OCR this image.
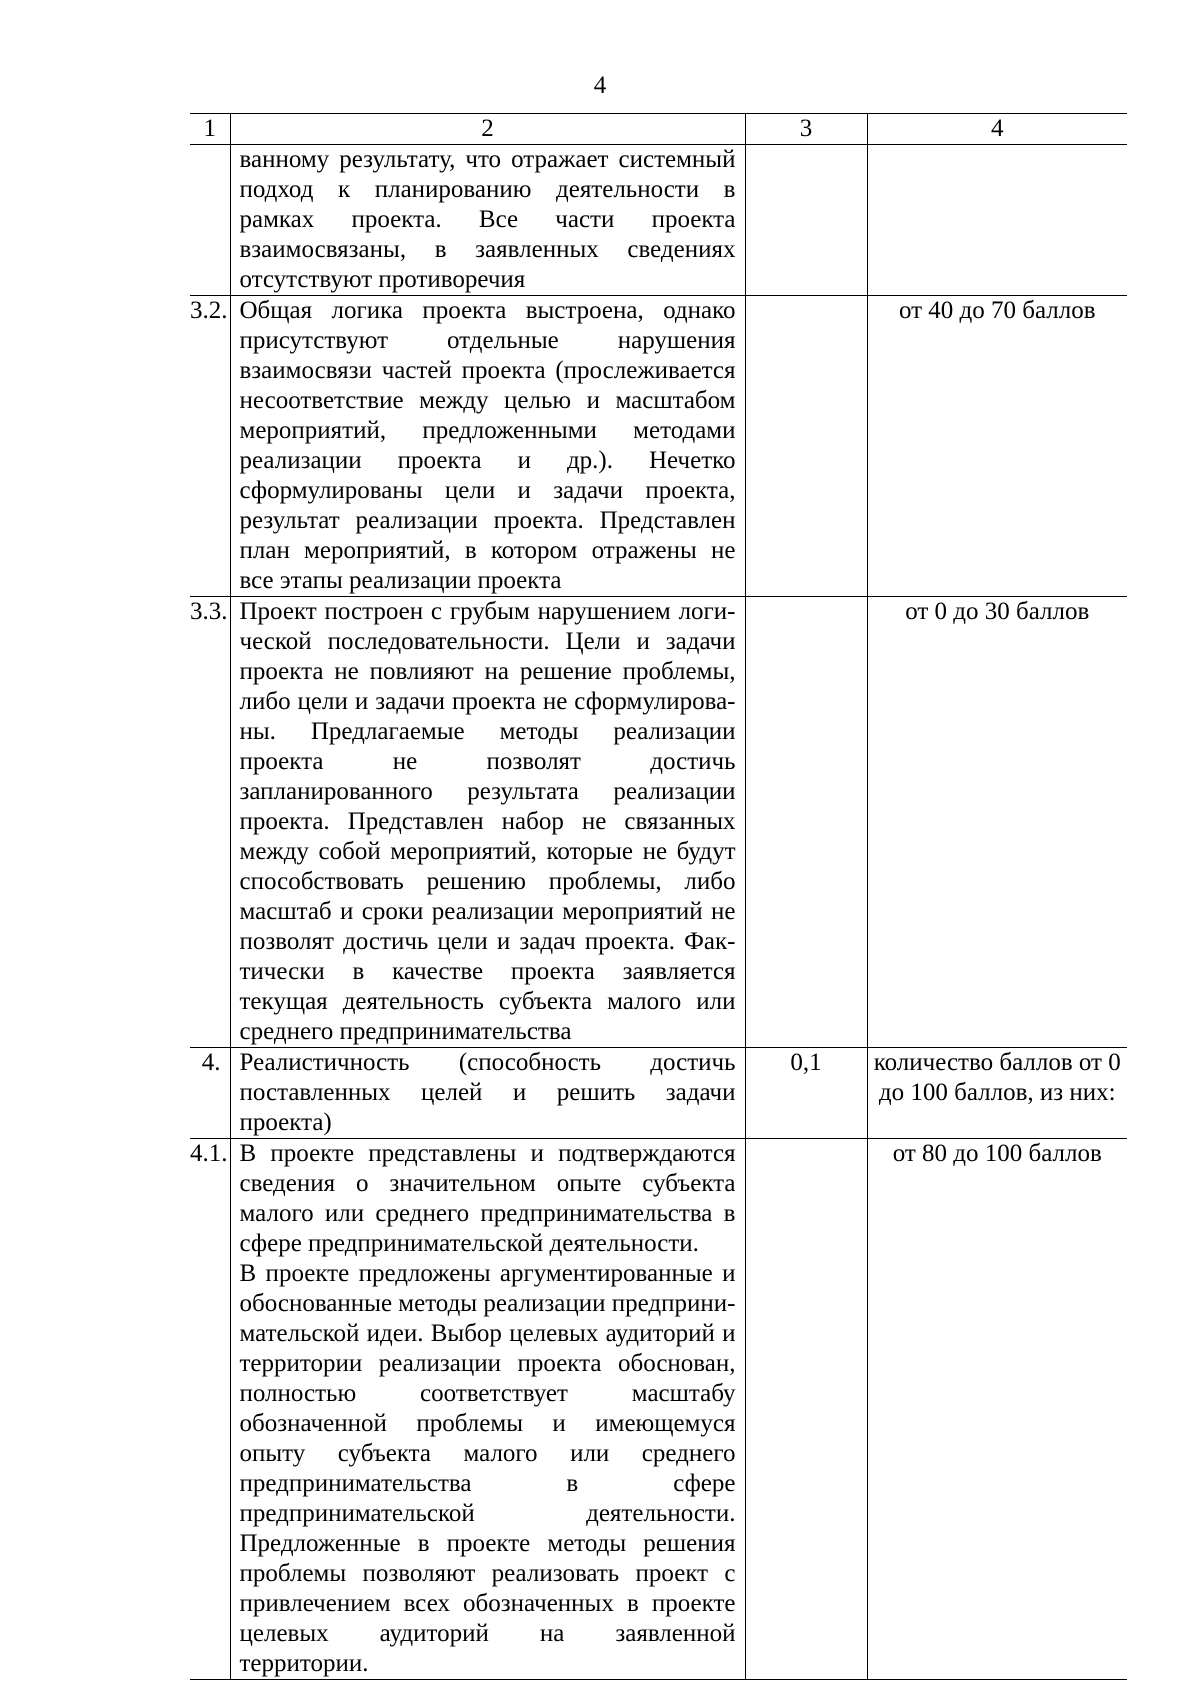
4
1	2	3	4
	ванному результату, что отражает системный подход к планированию деятельности в рамках проекта. Все части проекта взаимосвязаны, в заявленных сведениях отсутствуют противоречия		
3.2.	Общая логика проекта выстроена, однако присутствуют отдельные нарушения взаимосвязи частей проекта (прослеживается несоответствие между целью и масштабом мероприятий, предложенными методами реализации проекта и др.). Нечетко сформулированы цели и задачи проекта, результат реализации проекта. Представлен план мероприятий, в котором отражены не все этапы реализации проекта		от 40 до 70 баллов
3.3.	Проект построен с грубым нарушением логической последовательности. Цели и задачи проекта не повлияют на решение проблемы, либо цели и задачи проекта не сформулированы. Предлагаемые методы реализации проекта не позволят достичь запланированного результата реализации проекта. Представлен набор не связанных между собой мероприятий, которые не будут способствовать решению проблемы, либо масштаб и сроки реализации мероприятий не позволят достичь цели и задач проекта. Фактически в качестве проекта заявляется текущая деятельность субъекта малого или среднего предпринимательства		от 0 до 30 баллов
4.	Реалистичность (способность достичь поставленных целей и решить задачи проекта)	0,1	количество баллов от 0 до 100 баллов, из них:
4.1.	В проекте представлены и подтверждаются сведения о значительном опыте субъекта малого или среднего предпринимательства в сфере предпринимательской деятельности.
В проекте предложены аргументированные и обоснованные методы реализации предпринимательской идеи. Выбор целевых аудиторий и территории реализации проекта обоснован, полностью соответствует масштабу обозначенной проблемы и имеющемуся опыту субъекта малого или среднего предпринимательства в сфере предпринимательской деятельности. Предложенные в проекте методы решения проблемы позволяют реализовать проект с привлечением всех обозначенных в проекте целевых аудиторий на заявленной территории.		от 80 до 100 баллов
